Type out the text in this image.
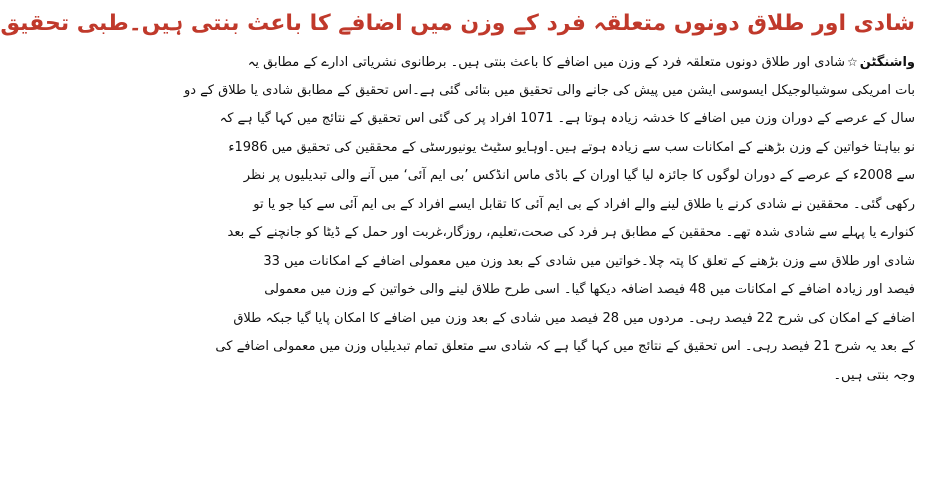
شادی اور طلاق دونوں متعلقہ فرد کے وزن میں اضافے کا باعث بنتی ہیں۔طبی تحقیق
واشنگٹن☆شادی اور طلاق دونوں متعلقہ فرد کے وزن میں اضافے کا باعث بنتی ہیں۔ برطانوی نشریاتی ادارے کے مطابق یہ
بات امریکی سوشیالوجیکل ایسوسی ایشن میں پیش کی جانے والی تحقیق میں بتائی گئی ہے۔اس تحقیق کے مطابق شادی یا طلاق کے دو
سال کے عرصے کے دوران وزن میں اضافے کا خدشہ زیادہ ہوتا ہے۔ 1071 افراد پر کی گئی اس تحقیق کے نتائج میں کہا گیا ہے کہ
نو بیاہتا خواتین کے وزن بڑھنے کے امکانات سب سے زیادہ ہوتے ہیں۔اوہایو سٹیٹ یونیورسٹی کے محققین کی تحقیق میں 1986ء
سے 2008ء کے عرصے کے دوران لوگوں کا جائزہ لیا گیا اوران کے باڈی ماس انڈکس ’بی ایم آئی‘ میں آنے والی تبدیلیوں پر نظر
رکھی گئی۔ محققین نے شادی کرنے یا طلاق لینے والے افراد کے بی ایم آئی کا تقابل ایسے افراد کے بی ایم آئی سے کیا جو یا تو
کنوارے یا پہلے سے شادی شدہ تھے۔ محققین کے مطابق ہر فرد کی صحت،تعلیم، روزگار،غربت اور حمل کے ڈیٹا کو جانچنے کے بعد
شادی اور طلاق سے وزن بڑھنے کے تعلق کا پتہ چلا۔خواتین میں شادی کے بعد وزن میں معمولی اضافے کے امکانات میں 33
فیصد اور زیادہ اضافے کے امکانات میں 48 فیصد اضافہ دیکھا گیا۔ اسی طرح طلاق لینے والی خواتین کے وزن میں معمولی
اضافے کے امکان کی شرح 22 فیصد رہی۔ مردوں میں 28 فیصد میں شادی کے بعد وزن میں اضافے کا امکان پایا گیا جبکہ طلاق
کے بعد یہ شرح 21 فیصد رہی۔ اس تحقیق کے نتائج میں کہا گیا ہے کہ شادی سے متعلق تمام تبدیلیاں وزن میں معمولی اضافے کی
وجہ بنتی ہیں۔
